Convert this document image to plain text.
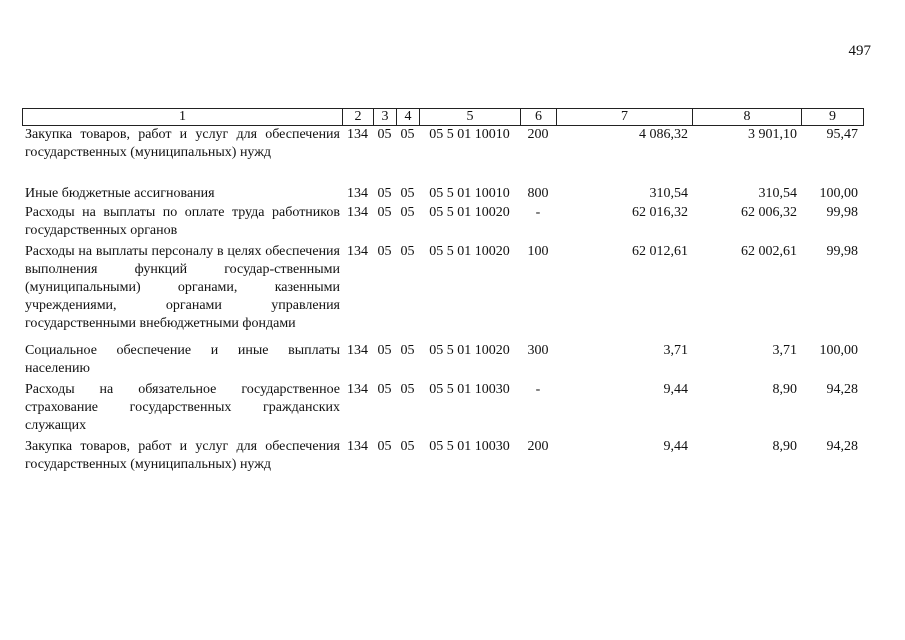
497
1	2	3	4	5	6	7	8	9
Закупка товаров, работ и услуг для обеспечения государственных (муниципальных) нужд
134 05 05	05 5 01 10010	200	4 086,32	3 901,10	95,47
Иные бюджетные ассигнования	134 05 05	05 5 01 10010	800	310,54	310,54	100,00
Расходы на выплаты по оплате труда работников государственных органов
134 05 05	05 5 01 10020	-	62 016,32	62 006,32	99,98
Расходы на выплаты персоналу в целях обеспечения выполнения функций государ-ственными (муниципальными) органами, казенными учреждениями, органами управления государственными внебюджетными фондами
134 05 05	05 5 01 10020	100	62 012,61	62 002,61	99,98
Социальное обеспечение и иные выплаты населению
134 05 05	05 5 01 10020	300	3,71	3,71	100,00
Расходы на обязательное государственное страхование государственных гражданских служащих
134 05 05	05 5 01 10030	-	9,44	8,90	94,28
Закупка товаров, работ и услуг для обеспечения государственных (муниципальных) нужд
134 05 05	05 5 01 10030	200	9,44	8,90	94,28
